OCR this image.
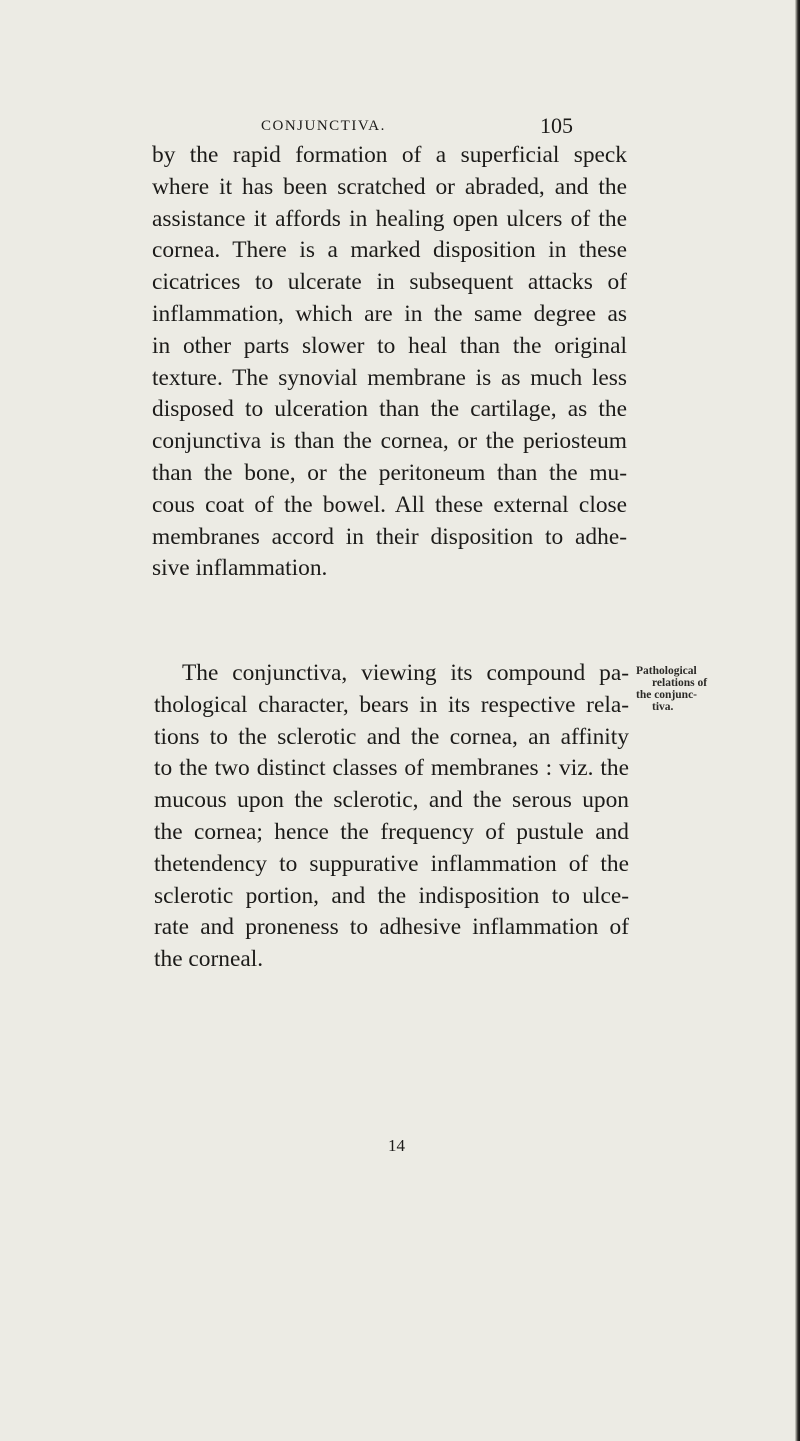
CONJUNCTIVA.	105
by the rapid formation of a superficial speck
where it has been scratched or abraded, and the
assistance it affords in healing open ulcers of the
cornea. There is a marked disposition in these
cicatrices to ulcerate in subsequent attacks of
inflammation, which are in the same degree as
in other parts slower to heal than the original
texture. The synovial membrane is as much less
disposed to ulceration than the cartilage, as the
conjunctiva is than the cornea, or the periosteum
than the bone, or the peritoneum than the mu-
cous coat of the bowel. All these external close
membranes accord in their disposition to adhe-
sive inflammation.
The conjunctiva, viewing its compound pa-
thological character, bears in its respective rela-
tions to the sclerotic and the cornea, an affinity
to the two distinct classes of membranes : viz. the
mucous upon the sclerotic, and the serous upon
the cornea; hence the frequency of pustule and
thetendency to suppurative inflammation of the
sclerotic portion, and the indisposition to ulce-
rate and proneness to adhesive inflammation of
the corneal.
Pathological
relations of
the conjunc-
tiva.
14
